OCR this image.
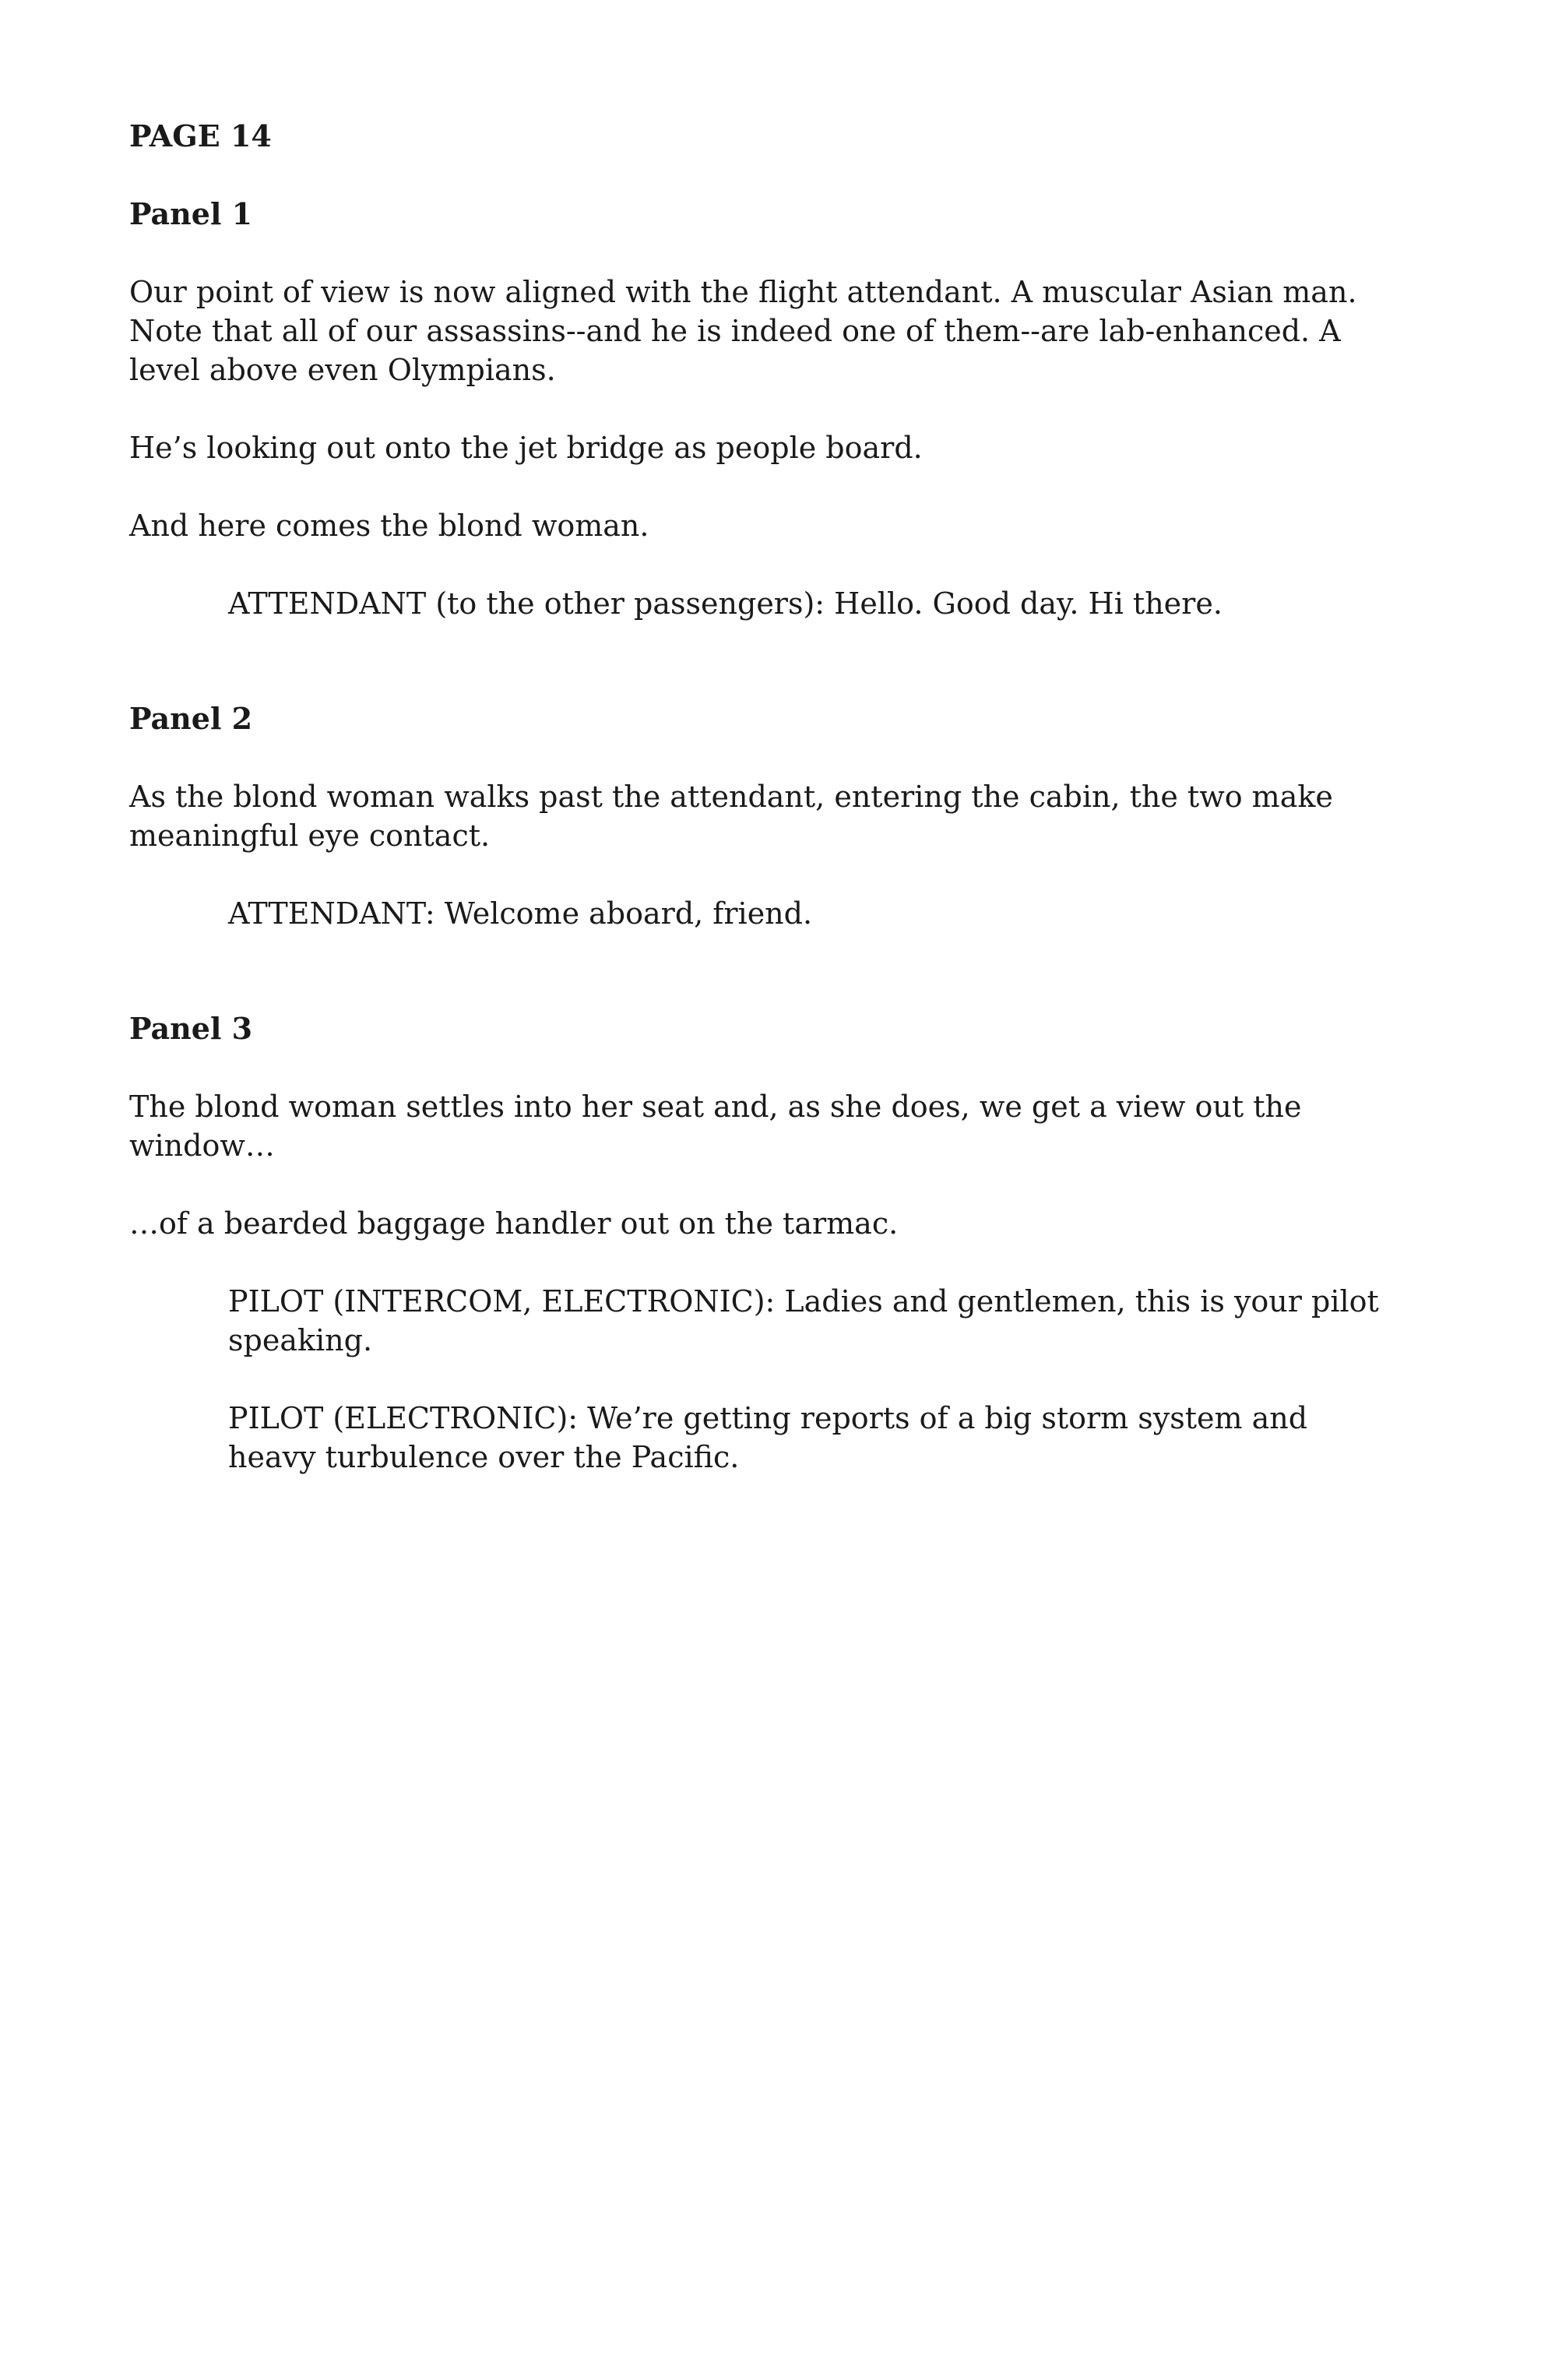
PAGE 14

Panel 1

Our point of view is now aligned with the flight attendant. A muscular Asian man. Note that all of our assassins--and he is indeed one of them--are lab-enhanced. A level above even Olympians.

He’s looking out onto the jet bridge as people board.

And here comes the blond woman.

ATTENDANT (to the other passengers): Hello. Good day. Hi there.

Panel 2

As the blond woman walks past the attendant, entering the cabin, the two make meaningful eye contact.

ATTENDANT: Welcome aboard, friend.

Panel 3

The blond woman settles into her seat and, as she does, we get a view out the window…

…of a bearded baggage handler out on the tarmac.

PILOT (INTERCOM, ELECTRONIC): Ladies and gentlemen, this is your pilot speaking.

PILOT (ELECTRONIC): We’re getting reports of a big storm system and heavy turbulence over the Pacific.
